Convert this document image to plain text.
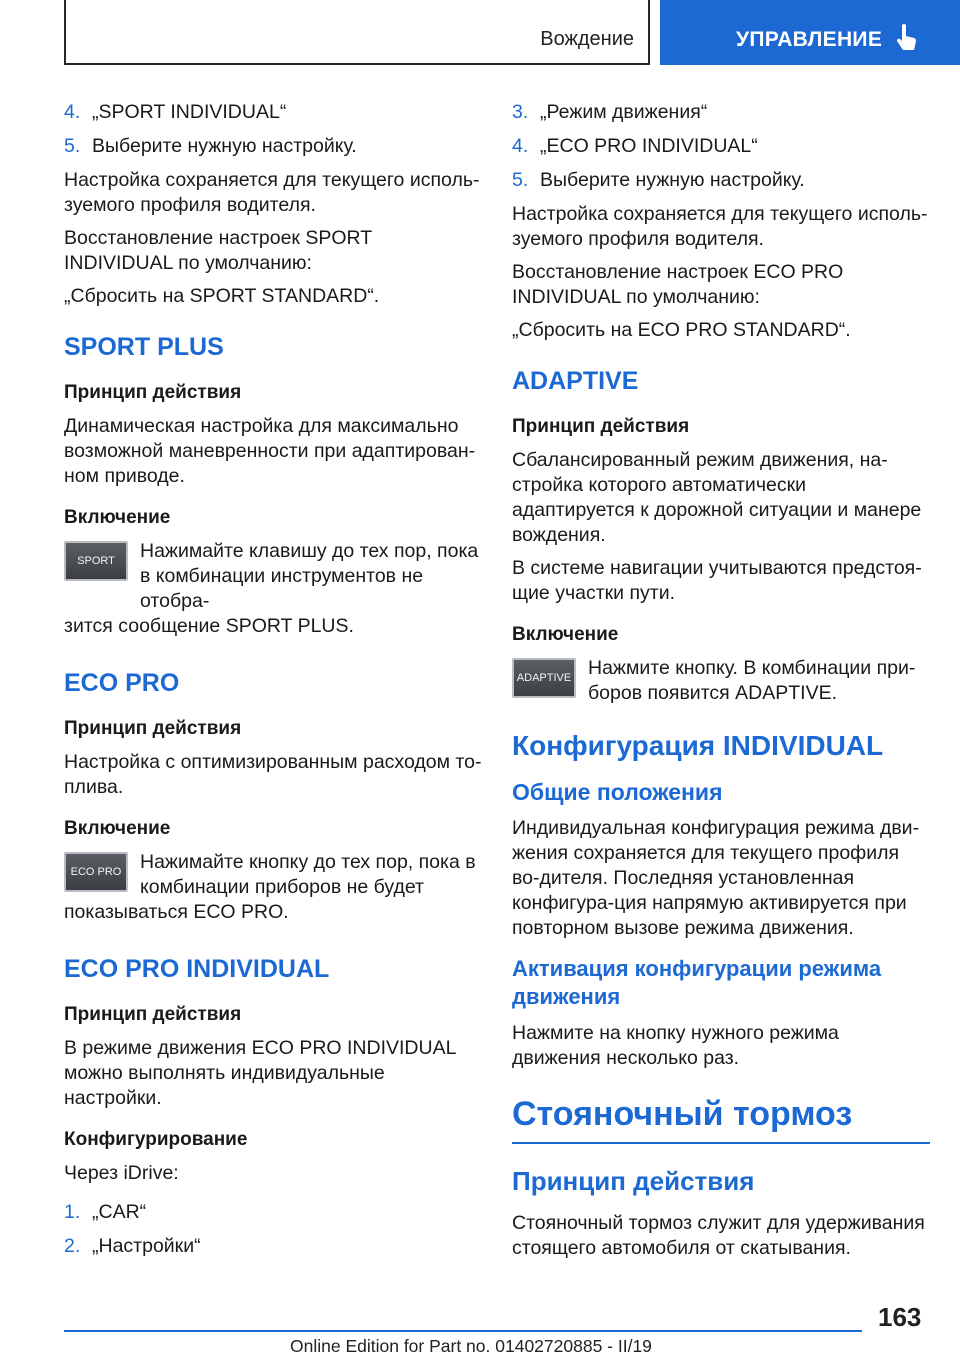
Вождение	УПРАВЛЕНИЕ
4. „SPORT INDIVIDUAL“
5. Выберите нужную настройку.

Настройка сохраняется для текущего исполь-зуемого профиля водителя.

Восстановление настроек SPORT INDIVIDUAL по умолчанию:

„Сбросить на SPORT STANDARD“.

SPORT PLUS
Принцип действия

Динамическая настройка для максимально возможной маневренности при адаптирован-ном приводе.

Включение
SPORT	Нажимайте клавишу до тех пор, пока в комбинации инструментов не отобра-

зится сообщение SPORT PLUS.

ECO PRO
Принцип действия

Настройка с оптимизированным расходом то-плива.

Включение
ECO PRO Нажимайте кнопку до тех пор, пока в комбинации приборов не будет

показываться ECO PRO.

ECO PRO INDIVIDUAL
Принцип действия

В режиме движения ECO PRO INDIVIDUAL можно выполнять индивидуальные настройки.

Конфигурирование

Через iDrive:

1. „CAR“
2. „Настройки“
3. „Режим движения“
4. „ECO PRO INDIVIDUAL“
5. Выберите нужную настройку.

Настройка сохраняется для текущего исполь-зуемого профиля водителя.

Восстановление настроек ECO PRO INDIVIDUAL по умолчанию:

„Сбросить на ECO PRO STANDARD“.

ADAPTIVE
Принцип действия

Сбалансированный режим движения, на-стройка которого автоматически адаптируется к дорожной ситуации и манере вождения.

В системе навигации учитываются предстоя-щие участки пути.

Включение
ADAPTIVE Нажмите кнопку. В комбинации при-боров появится ADAPTIVE.

Конфигурация INDIVIDUAL
Общие положения

Индивидуальная конфигурация режима дви-жения сохраняется для текущего профиля во-дителя. Последняя установленная конфигура-ция напрямую активируется при повторном вызове режима движения.

Активация конфигурации режима движения

Нажмите на кнопку нужного режима движения несколько раз.

Стояночный тормоз
Принцип действия

Стояночный тормоз служит для удерживания стоящего автомобиля от скатывания.

163
Online Edition for Part no. 01402720885 - II/19
